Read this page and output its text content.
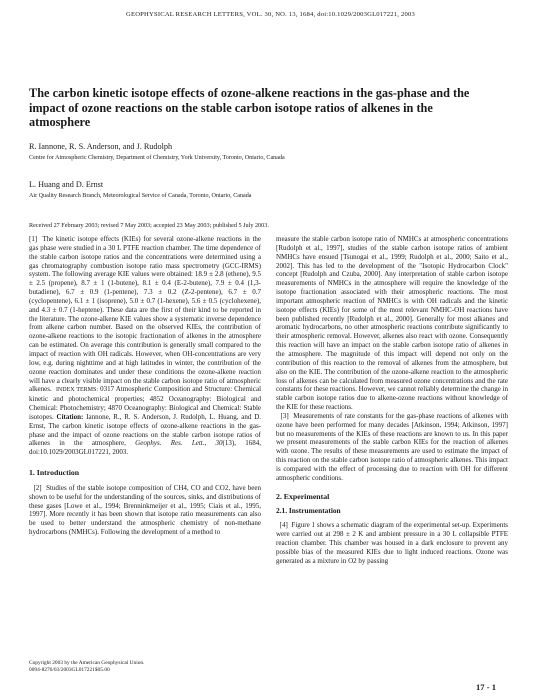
GEOPHYSICAL RESEARCH LETTERS, VOL. 30, NO. 13, 1684, doi:10.1029/2003GL017221, 2003
The carbon kinetic isotope effects of ozone-alkene reactions in the gas-phase and the impact of ozone reactions on the stable carbon isotope ratios of alkenes in the atmosphere
R. Iannone, R. S. Anderson, and J. Rudolph
Centre for Atmospheric Chemistry, Department of Chemistry, York University, Toronto, Ontario, Canada
L. Huang and D. Ernst
Air Quality Research Branch, Meteorological Service of Canada, Toronto, Ontario, Canada
Received 27 February 2003; revised 7 May 2003; accepted 23 May 2003; published 5 July 2003.

[1] The kinetic isotope effects (KIEs) for several ozone-alkene reactions in the gas phase were studied in a 30 L PTFE reaction chamber. The time dependence of the stable carbon isotope ratios and the concentrations were determined using a gas chromatography combustion isotope ratio mass spectrometry (GCC-IRMS) system. The following average KIE values were obtained: 18.9 ± 2.8 (ethene), 9.5 ± 2.5 (propene), 8.7 ± 1 (1-butene), 8.1 ± 0.4 (E-2-butene), 7.9 ± 0.4 (1,3-butadiene), 6.7 ± 0.9 (1-pentene), 7.3 ± 0.2 (Z-2-pentene), 6.7 ± 0.7 (cyclopentene), 6.1 ± 1 (isoprene), 5.0 ± 0.7 (1-hexene), 5.6 ± 0.5 (cyclohexene), and 4.3 ± 0.7 (1-heptene). These data are the first of their kind to be reported in the literature. The ozone-alkene KIE values show a systematic inverse dependence from alkene carbon number. Based on the observed KIEs, the contribution of ozone-alkene reactions to the isotopic fractionation of alkenes in the atmosphere can be estimated. On average this contribution is generally small compared to the impact of reaction with OH radicals. However, when OH-concentrations are very low, e.g. during nighttime and at high latitudes in winter, the contribution of the ozone reaction dominates and under these conditions the ozone-alkene reaction will have a clearly visible impact on the stable carbon isotope ratio of atmospheric alkenes. INDEX TERMS: 0317 Atmospheric Composition and Structure: Chemical kinetic and photochemical properties; 4852 Oceanography: Biological and Chemical: Photochemistry; 4870 Oceanography: Biological and Chemical: Stable isotopes. Citation: Iannone, R., R. S. Anderson, J. Rudolph, L. Huang, and D. Ernst, The carbon kinetic isotope effects of ozone-alkene reactions in the gas-phase and the impact of ozone reactions on the stable carbon isotope ratios of alkenes in the atmosphere, Geophys. Res. Lett., 30(13), 1684, doi:10.1029/2003GL017221, 2003.

1. Introduction

[2] Studies of the stable isotope composition of CH4, CO and CO2, have been shown to be useful for the understanding of the sources, sinks, and distributions of these gases [Lowe et al., 1994; Brenninkmeijer et al., 1995; Ciais et al., 1995, 1997]. More recently it has been shown that isotope ratio measurements can also be used to better understand the atmospheric chemistry of non-methane hydrocarbons (NMHCs). Following the development of a method to

measure the stable carbon isotope ratio of NMHCs at atmospheric concentrations [Rudolph et al., 1997], studies of the stable carbon isotope ratios of ambient NMHCs have ensued [Tsunogai et al., 1999; Rudolph et al., 2000; Saito et al., 2002]. This has led to the development of the "Isotopic Hydrocarbon Clock" concept [Rudolph and Czuba, 2000]. Any interpretation of stable carbon isotope measurements of NMHCs in the atmosphere will require the knowledge of the isotope fractionation associated with their atmospheric reactions. The most important atmospheric reaction of NMHCs is with OH radicals and the kinetic isotope effects (KIEs) for some of the most relevant NMHC-OH reactions have been published recently [Rudolph et al., 2000]. Generally for most alkanes and aromatic hydrocarbons, no other atmospheric reactions contribute significantly to their atmospheric removal. However, alkenes also react with ozone. Consequently this reaction will have an impact on the stable carbon isotope ratio of alkenes in the atmosphere. The magnitude of this impact will depend not only on the contribution of this reaction to the removal of alkenes from the atmosphere, but also on the KIE. The contribution of the ozone-alkene reaction to the atmospheric loss of alkenes can be calculated from measured ozone concentrations and the rate constants for these reactions. However, we cannot reliably determine the change in stable carbon isotope ratios due to alkene-ozone reactions without knowledge of the KIE for these reactions.

[3] Measurements of rate constants for the gas-phase reactions of alkenes with ozone have been performed for many decades [Atkinson, 1994; Atkinson, 1997] but no measurements of the KIEs of these reactions are known to us. In this paper we present measurements of the stable carbon KIEs for the reaction of alkenes with ozone. The results of these measurements are used to estimate the impact of this reaction on the stable carbon isotope ratio of atmospheric alkenes. This impact is compared with the effect of processing due to reaction with OH for different atmospheric conditions.

2. Experimental
2.1. Instrumentation

[4] Figure 1 shows a schematic diagram of the experimental set-up. Experiments were carried out at 298 ± 2 K and ambient pressure in a 30 L collapsible PTFE reaction chamber. This chamber was housed in a dark enclosure to prevent any possible bias of the measured KIEs due to light induced reactions. Ozone was generated as a mixture in O2 by passing

Copyright 2003 by the American Geophysical Union.
0094-8276/03/2003GL017221$05.00
17 - 1
